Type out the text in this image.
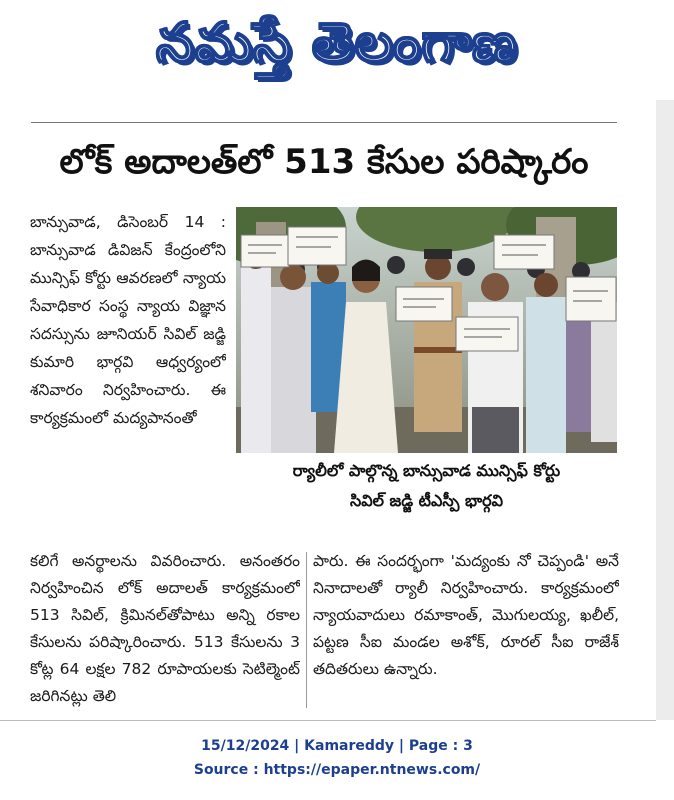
నమస్తే తెలంగాణ
లోక్ అదాలత్‌లో 513 కేసుల పరిష్కారం
బాన్సువాడ, డిసెంబర్ 14 : బాన్సువాడ డివిజన్ కేంద్రంలోని మున్సిఫ్ కోర్టు ఆవరణలో న్యాయ సేవాధికార సంస్థ న్యాయ విజ్ఞాన సదస్సును జూనియర్ సివిల్ జడ్జి కుమారి భార్గవి ఆధ్వర్యంలో శనివారం నిర్వహించారు. ఈ కార్యక్రమంలో మద్యపానంతో
ర్యాలీలో పాల్గొన్న బాన్సువాడ మున్సిఫ్ కోర్టు
సివిల్ జడ్జి టీఎస్పీ భార్గవి
కలిగే అనర్థాలను వివరించారు. అనంతరం నిర్వహించిన లోక్ అదాలత్ కార్యక్రమంలో 513 సివిల్, క్రిమినల్‌తోపాటు అన్ని రకాల కేసులను పరిష్కారించారు. 513 కేసులను 3 కోట్ల 64 లక్షల 782 రూపాయలకు సెటిల్మెంట్ జరిగినట్లు తెలి
పారు. ఈ సందర్భంగా 'మద్యంకు నో చెప్పండి' అనే నినాదాలతో ర్యాలీ నిర్వహించారు. కార్యక్రమంలో న్యాయవాదులు రమాకాంత్, మొగులయ్య, ఖలీల్, పట్టణ సీఐ మండల అశోక్, రూరల్ సీఐ రాజేశ్ తదితరులు ఉన్నారు.
15/12/2024 | Kamareddy | Page : 3
Source : https://epaper.ntnews.com/
